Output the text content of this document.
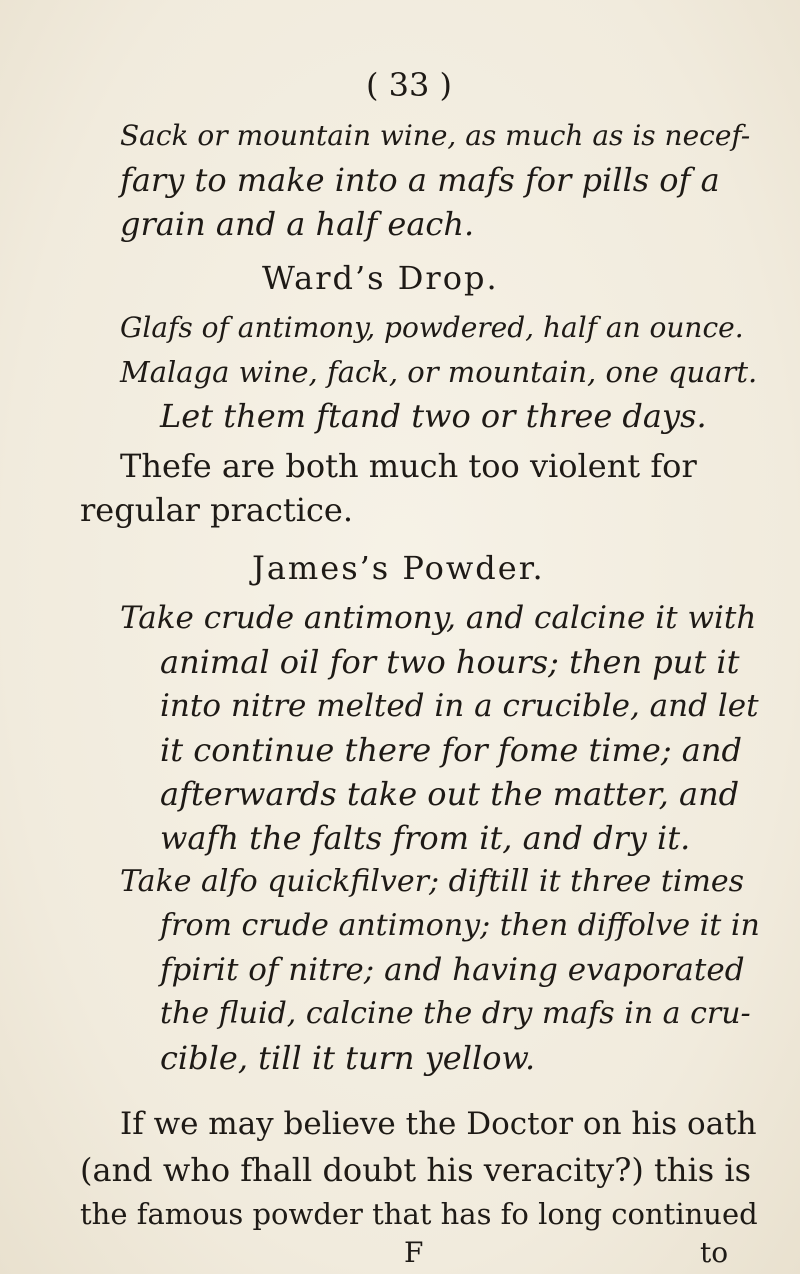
( 33 )
F	to
Sack or mountain wine, as much as is necef-
fary to make into a mafs for pills of a
grain and a half each.
Ward’s Drop.
Glafs of antimony, powdered, half an ounce.
Malaga wine, fack, or mountain, one quart.
Let them ftand two or three days.
Thefe are both much too violent for
regular practice.
James’s Powder.
Take crude antimony, and calcine it with
animal oil for two hours; then put it
into nitre melted in a crucible, and let
it continue there for fome time; and
afterwards take out the matter, and
wafh the falts from it, and dry it.
Take alfo quickfilver; diftill it three times
from crude antimony; then diffolve it in
fpirit of nitre; and having evaporated
the fluid, calcine the dry mafs in a cru-
cible, till it turn yellow.
If we may believe the Doctor on his oath
(and who fhall doubt his veracity?) this is
the famous powder that has fo long continued
